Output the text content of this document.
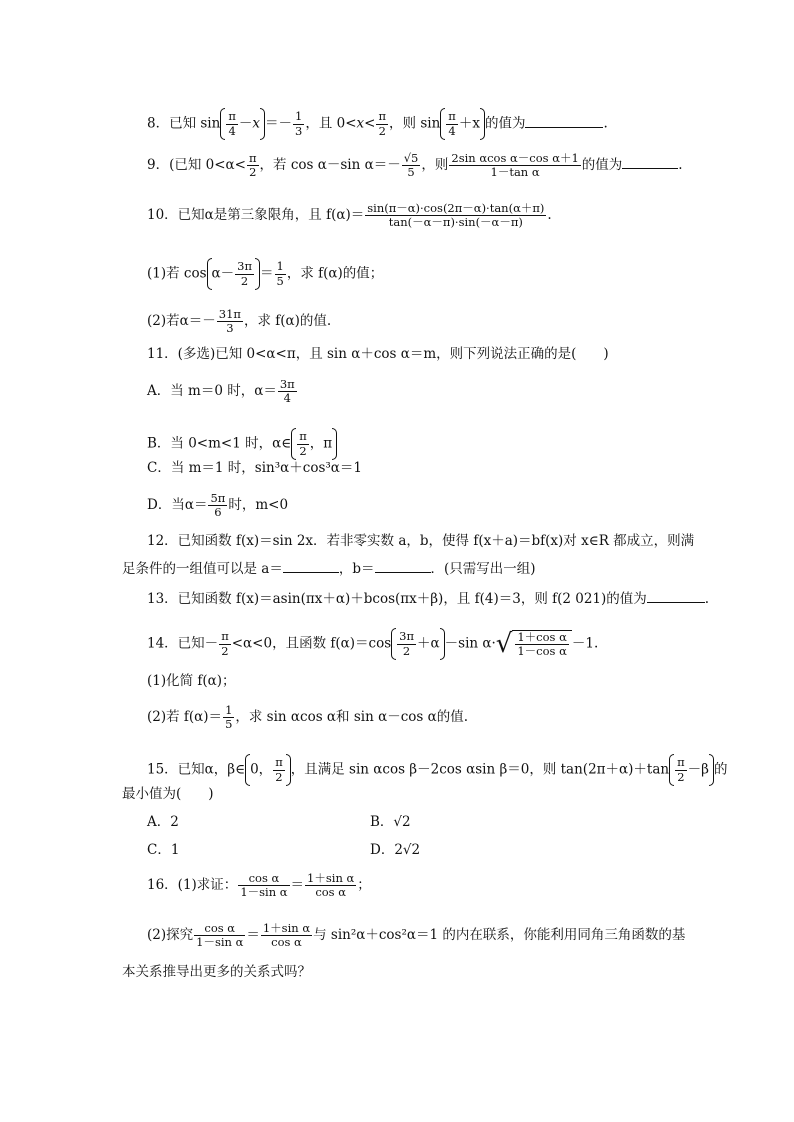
8．已知 $\sin \frac{\pi}{4} -x =- \frac{1}{3}$ ，且 $0<x< \frac{\pi}{2}$ ，则 $\sin \frac{\pi}{4} +x$ 的值为	.
9．(已知 $0<\alpha< \frac{\pi}{2}$ ，若 cos α－sin $\alpha=- \frac{√5}{5}$ ，则 $\frac{\text{2sin αcos α－cos α＋1}}{\text{1－tan α}}$ 的值为	.
10．已知α是第三象限角，且 $f(\alpha)= \frac{\sin(\pi-\alpha)\cdot\cos(2\pi-\alpha)\cdot\tan(\alpha+\pi)}{\tan(-\alpha-\pi)\cdot\sin(-\alpha-\pi)}$ .
(1)若 $\cos \alpha- \frac{3\pi}{2} = \frac{1}{5}$ ，求 f(α)的值；
(2)若$\alpha=- \frac{31\pi}{3}$ ，求 f(α)的值.
11．(多选)已知 0<α<π，且 sin α＋cos α＝m，则下列说法正确的是(　　)
A．当 m＝0 时，$\alpha= \frac{3\pi}{4}$
B．当 0<m<1 时，α∈ $\frac{\pi}{2}$ ，π
C．当 m＝1 时，sin³α＋cos³α＝1
D．当$\alpha= \frac{5\pi}{6}$ 时，m<0
12．已知函数 f(x)＝sin 2x．若非零实数 a，b，使得 f(x＋a)＝bf(x)对 x∈R 都成立，则满
足条件的一组值可以是 a＝	，b＝	．(只需写出一组)
13．已知函数 f(x)＝asin(πx＋α)＋bcos(πx＋β)，且 f(4)＝3，则 f(2 021)的值为	.
14．已知－ $\frac{\pi}{2} <\alpha<0$，且函数 $f(\alpha)=\cos \frac{3\pi}{2} +\alpha -\sin$ $\alpha\cdot√ \frac{\text{1＋cos α}}{\text{1－cos α}} -1$.
(1)化简 f(α)；
(2)若 $f(\alpha)= \frac{1}{5}$ ，求 sin αcos α和 sin α－cos α的值.
15．已知α，β∈ 0， $\frac{\pi}{2}$ ，且满足 sin αcos β－2cos αsin β＝0，则 $\tan(2\pi+\alpha)+\tan \frac{\pi}{2} -\beta$ 的
最小值为(　　)
A．2	B．√2
C．1	D．2√2
16．(1)求证： $\frac{\text{cos α}}{\text{1－sin α}} = \frac{\text{1＋sin α}}{\text{cos α}}$ ；
(2)探究 $\frac{\text{cos α}}{\text{1－sin α}} = \frac{\text{1＋sin α}}{\text{cos α}}$ 与 sin²α＋cos²α＝1 的内在联系，你能利用同角三角函数的基
本关系推导出更多的关系式吗？
